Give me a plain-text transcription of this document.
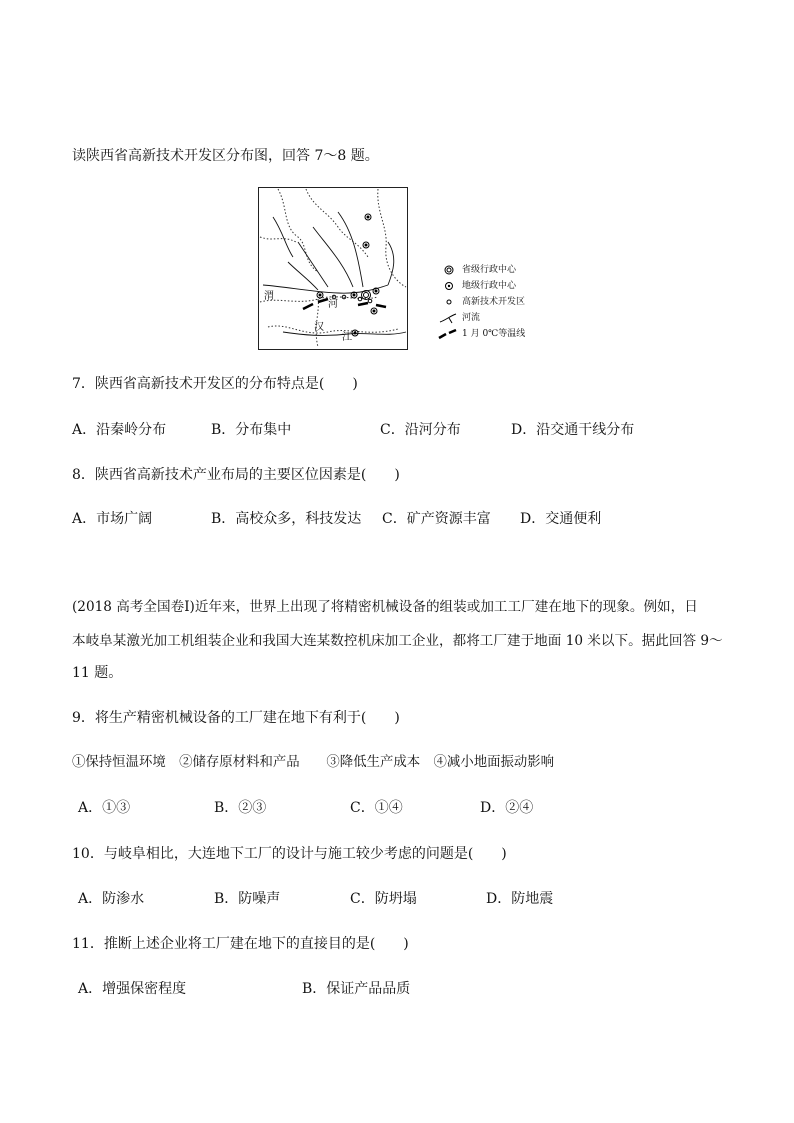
读陕西省高新技术开发区分布图，回答 7～8 题。
渭
河
汉
江
省级行政中心
地级行政中心
高新技术开发区
河流
1 月 0℃等温线
7．陕西省高新技术开发区的分布特点是(　　)
A．沿秦岭分布	B．分布集中	C．沿河分布	D．沿交通干线分布
8．陕西省高新技术产业布局的主要区位因素是(　　)
A．市场广阔	B．高校众多，科技发达 C．矿产资源丰富 D．交通便利
(2018 高考全国卷Ⅰ)近年来，世界上出现了将精密机械设备的组装或加工工厂建在地下的现象。例如，日
本岐阜某激光加工机组装企业和我国大连某数控机床加工企业，都将工厂建于地面 10 米以下。据此回答 9～
11 题。
9．将生产精密机械设备的工厂建在地下有利于(　　)
①保持恒温环境　②储存原材料和产品　　③降低生产成本　④减小地面振动影响
A．①③	B．②③	C．①④	D．②④
10．与岐阜相比，大连地下工厂的设计与施工较少考虑的问题是(　　)
A．防渗水	B．防噪声	C．防坍塌	D．防地震
11．推断上述企业将工厂建在地下的直接目的是(　　)
A．增强保密程度	B．保证产品品质
